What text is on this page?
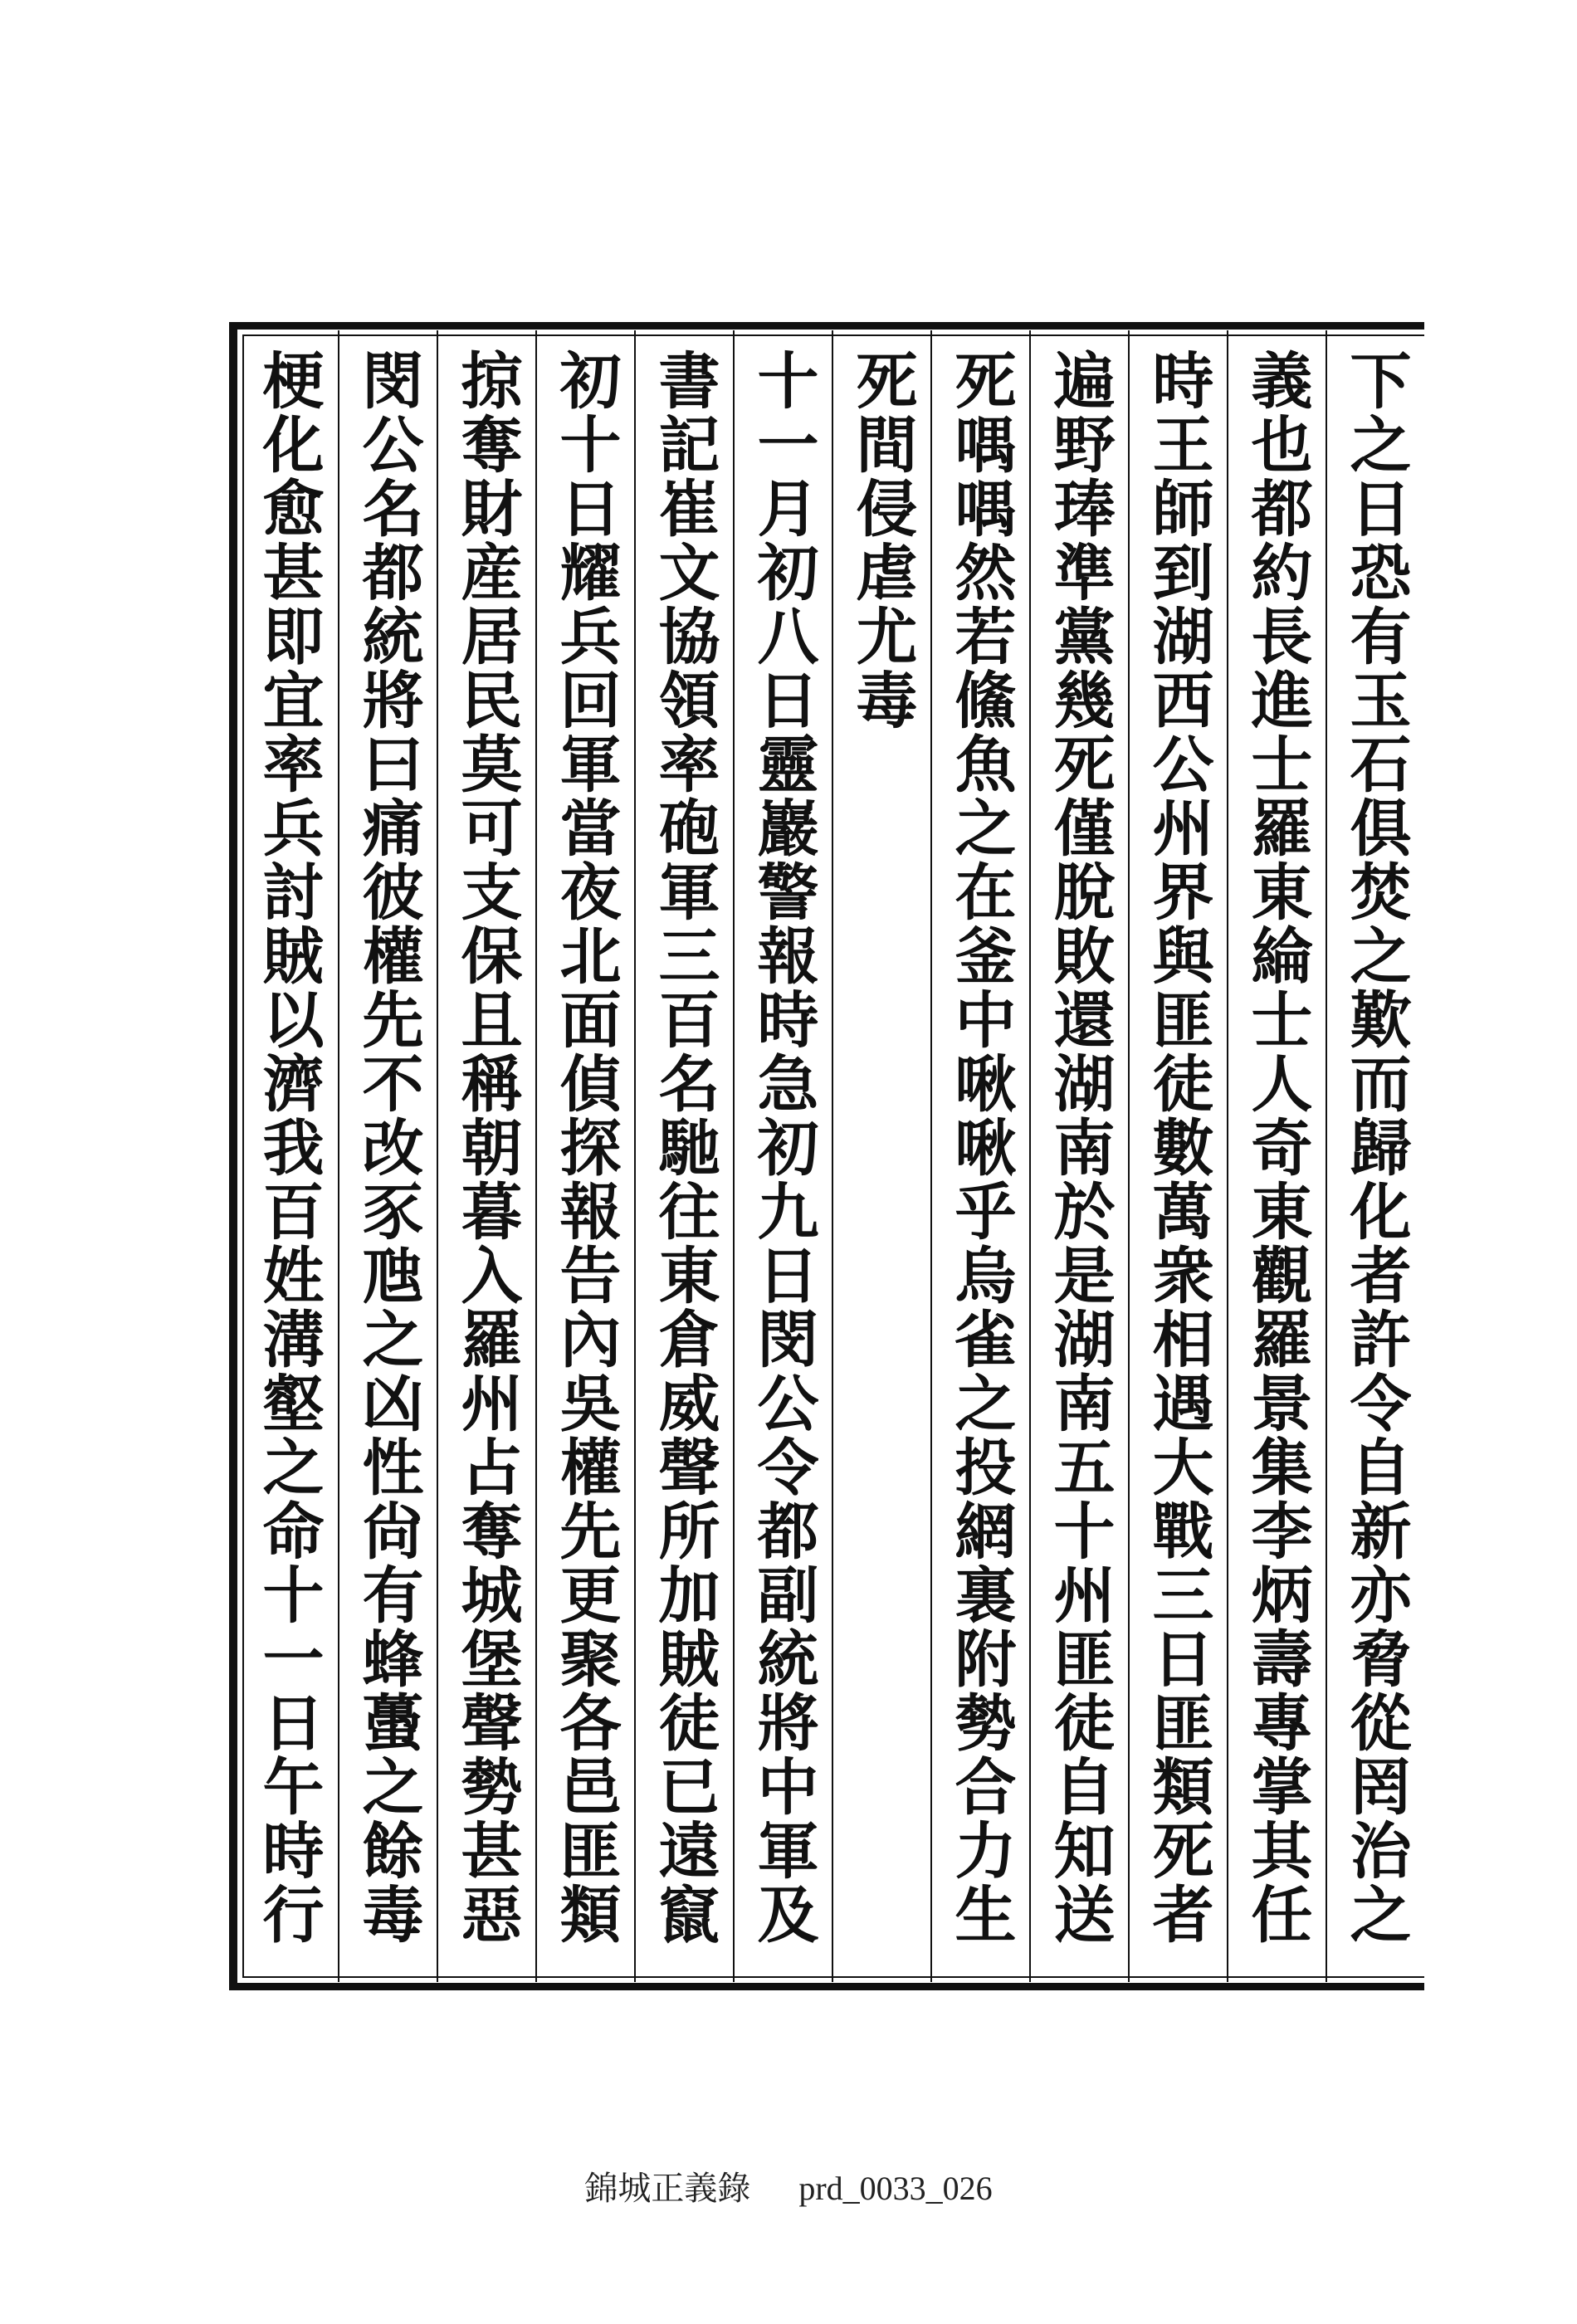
下之日恐有玉石俱焚之歎而歸化者許令自新亦脅從罔治之
義也都約長進士羅東綸士人奇東觀羅景集李炳壽專掌其任
時王師到湖西公州界與匪徒數萬衆相遇大戰三日匪類死者
遍野琫準黨幾死僅脫敗還湖南於是湖南五十州匪徒自知送
死喁喁然若鯈魚之在釜中啾啾乎烏雀之投網裏附勢合力生
死間侵虐尤毒
十一月初八日靈巖警報時急初九日閔公令都副統將中軍及
書記崔文協領率砲軍三百名馳往東倉威聲所加賊徒已遠竄
初十日耀兵回軍當夜北面偵探報告內吳權先更聚各邑匪類
掠奪財産居民莫可支保且稱朝暮入羅州占奪城堡聲勢甚惡
閔公名都統將曰痛彼權先不改豕虺之凶性尙有蜂蠆之餘毒
梗化愈甚即宜率兵討賊以濟我百姓溝壑之命十一日午時行
錦城正義錄 prd_0033_026
